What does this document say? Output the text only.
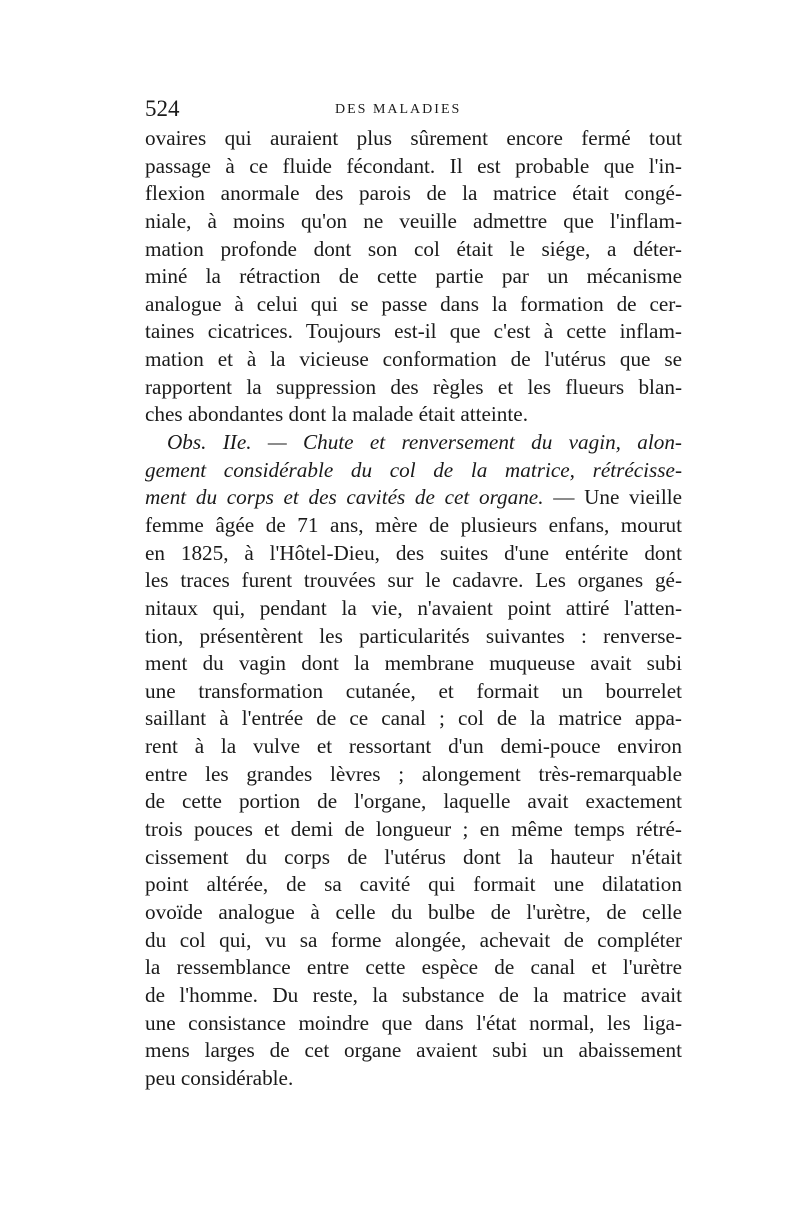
524	DES MALADIES
ovaires qui auraient plus sûrement encore fermé tout
passage à ce fluide fécondant. Il est probable que l'in-
flexion anormale des parois de la matrice était congé-
niale, à moins qu'on ne veuille admettre que l'inflam-
mation profonde dont son col était le siége, a déter-
miné la rétraction de cette partie par un mécanisme
analogue à celui qui se passe dans la formation de cer-
taines cicatrices. Toujours est-il que c'est à cette inflam-
mation et à la vicieuse conformation de l'utérus que se
rapportent la suppression des règles et les flueurs blan-
ches abondantes dont la malade était atteinte.
Obs. IIe. — Chute et renversement du vagin, alon-
gement considérable du col de la matrice, rétrécisse-
ment du corps et des cavités de cet organe. — Une vieille
femme âgée de 71 ans, mère de plusieurs enfans, mourut
en 1825, à l'Hôtel-Dieu, des suites d'une entérite dont
les traces furent trouvées sur le cadavre. Les organes gé-
nitaux qui, pendant la vie, n'avaient point attiré l'atten-
tion, présentèrent les particularités suivantes : renverse-
ment du vagin dont la membrane muqueuse avait subi
une transformation cutanée, et formait un bourrelet
saillant à l'entrée de ce canal ; col de la matrice appa-
rent à la vulve et ressortant d'un demi-pouce environ
entre les grandes lèvres ; alongement très-remarquable
de cette portion de l'organe, laquelle avait exactement
trois pouces et demi de longueur ; en même temps rétré-
cissement du corps de l'utérus dont la hauteur n'était
point altérée, de sa cavité qui formait une dilatation
ovoïde analogue à celle du bulbe de l'urètre, de celle
du col qui, vu sa forme alongée, achevait de compléter
la ressemblance entre cette espèce de canal et l'urètre
de l'homme. Du reste, la substance de la matrice avait
une consistance moindre que dans l'état normal, les liga-
mens larges de cet organe avaient subi un abaissement
peu considérable.
